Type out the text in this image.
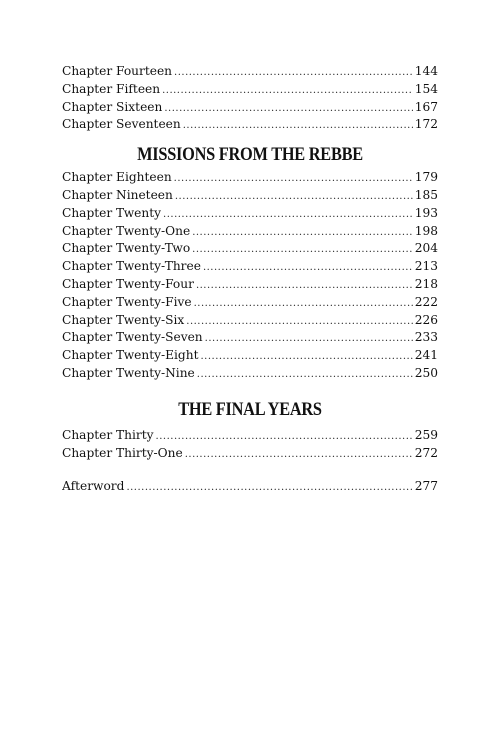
Chapter Fourteen .....	144
Chapter Fifteen .....	154
Chapter Sixteen .....	167
Chapter Seventeen .....	172
MISSIONS FROM THE REBBE
Chapter Eighteen .....	179
Chapter Nineteen .....	185
Chapter Twenty .....	193
Chapter Twenty-One .....	198
Chapter Twenty-Two .....	204
Chapter Twenty-Three .....	213
Chapter Twenty-Four .....	218
Chapter Twenty-Five .....	222
Chapter Twenty-Six .....	226
Chapter Twenty-Seven .....	233
Chapter Twenty-Eight .....	241
Chapter Twenty-Nine .....	250
THE FINAL YEARS
Chapter Thirty .....	259
Chapter Thirty-One .....	272
Afterword .....	277
